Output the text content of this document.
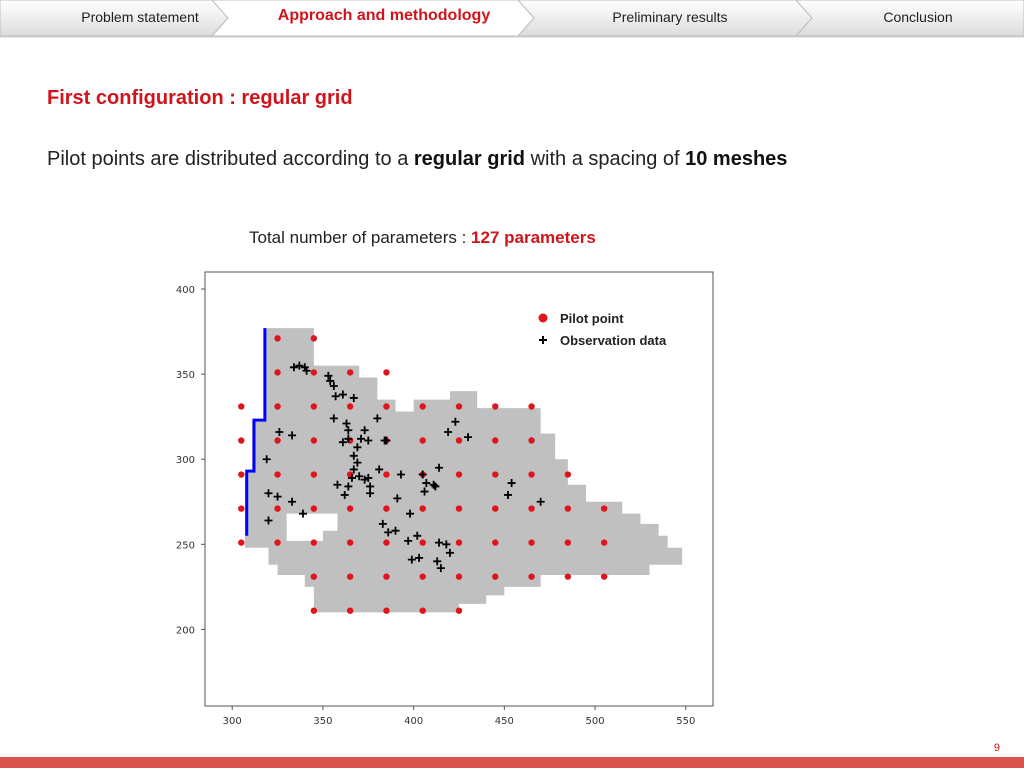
Problem statement	Approach and methodology	Preliminary results	Conclusion
First configuration : regular grid
Pilot points are distributed according to a regular grid with a spacing of 10 meshes
Total number of parameters : 127 parameters
300	350	400	450	500	550
200
250
300
350
400
Pilot point
Observation data
9
